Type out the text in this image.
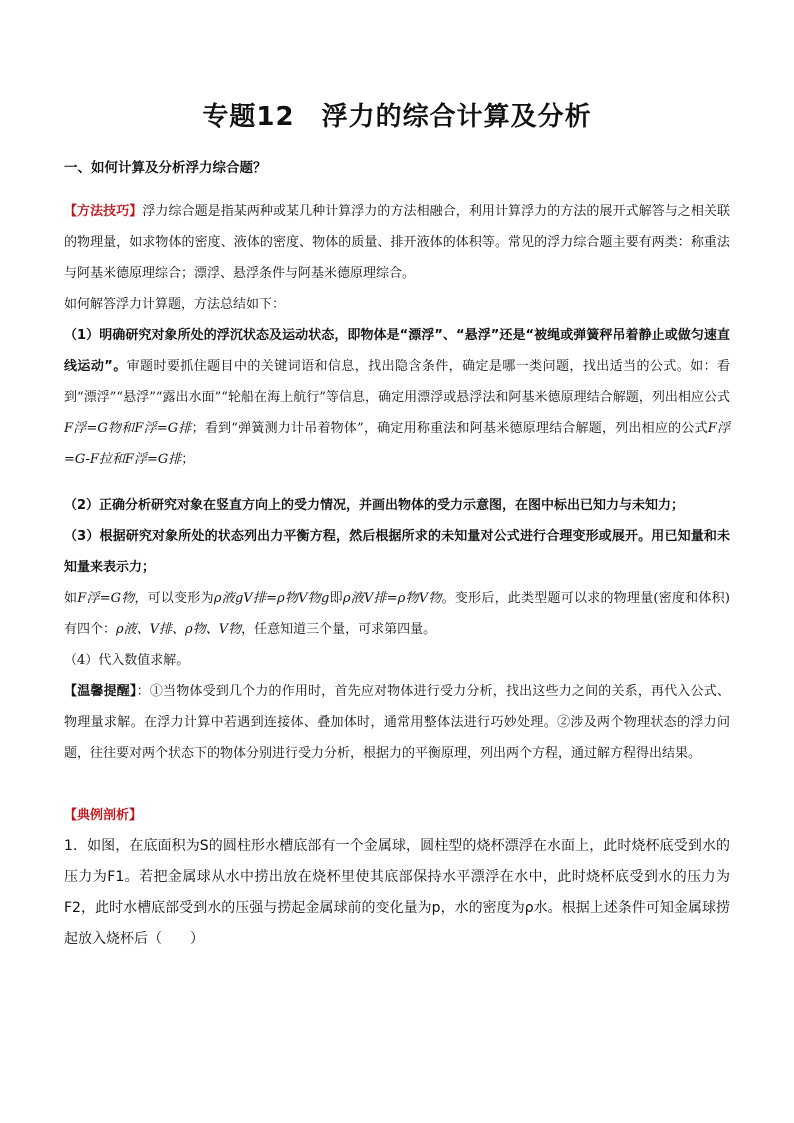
专题12　浮力的综合计算及分析
一、如何计算及分析浮力综合题？
【方法技巧】浮力综合题是指某两种或某几种计算浮力的方法相融合，利用计算浮力的方法的展开式解答与之相关联的物理量，如求物体的密度、液体的密度、物体的质量、排开液体的体积等。常见的浮力综合题主要有两类：称重法与阿基米德原理综合；漂浮、悬浮条件与阿基米德原理综合。
如何解答浮力计算题，方法总结如下：
（1）明确研究对象所处的浮沉状态及运动状态，即物体是“漂浮”、“悬浮”还是“被绳或弹簧秤吊着静止或做匀速直线运动”。审题时要抓住题目中的关键词语和信息，找出隐含条件，确定是哪一类问题，找出适当的公式。如：看到“漂浮”“悬浮”“露出水面”“轮船在海上航行”等信息，确定用漂浮或悬浮法和阿基米德原理结合解题，列出相应公式F浮=G物和F浮=G排；看到“弹簧测力计吊着物体”，确定用称重法和阿基米德原理结合解题，列出相应的公式F浮=G-F拉和F浮=G排；
（2）正确分析研究对象在竖直方向上的受力情况，并画出物体的受力示意图，在图中标出已知力与未知力；
（3）根据研究对象所处的状态列出力平衡方程，然后根据所求的未知量对公式进行合理变形或展开。用已知量和未知量来表示力；
如F浮=G物，可以变形为ρ液gV排=ρ物V物g即ρ液V排=ρ物V物。变形后，此类型题可以求的物理量(密度和体积)有四个：ρ液、V排、ρ物、V物，任意知道三个量，可求第四量。
（4）代入数值求解。
【温馨提醒】：①当物体受到几个力的作用时，首先应对物体进行受力分析，找出这些力之间的关系，再代入公式、物理量求解。在浮力计算中若遇到连接体、叠加体时，通常用整体法进行巧妙处理。②涉及两个物理状态的浮力问题，往往要对两个状态下的物体分别进行受力分析，根据力的平衡原理，列出两个方程，通过解方程得出结果。
【典例剖析】
1．如图，在底面积为S的圆柱形水槽底部有一个金属球，圆柱型的烧杯漂浮在水面上，此时烧杯底受到水的压力为F1。若把金属球从水中捞出放在烧杯里使其底部保持水平漂浮在水中，此时烧杯底受到水的压力为F2，此时水槽底部受到水的压强与捞起金属球前的变化量为p，水的密度为ρ水。根据上述条件可知金属球捞起放入烧杯后（　　）
